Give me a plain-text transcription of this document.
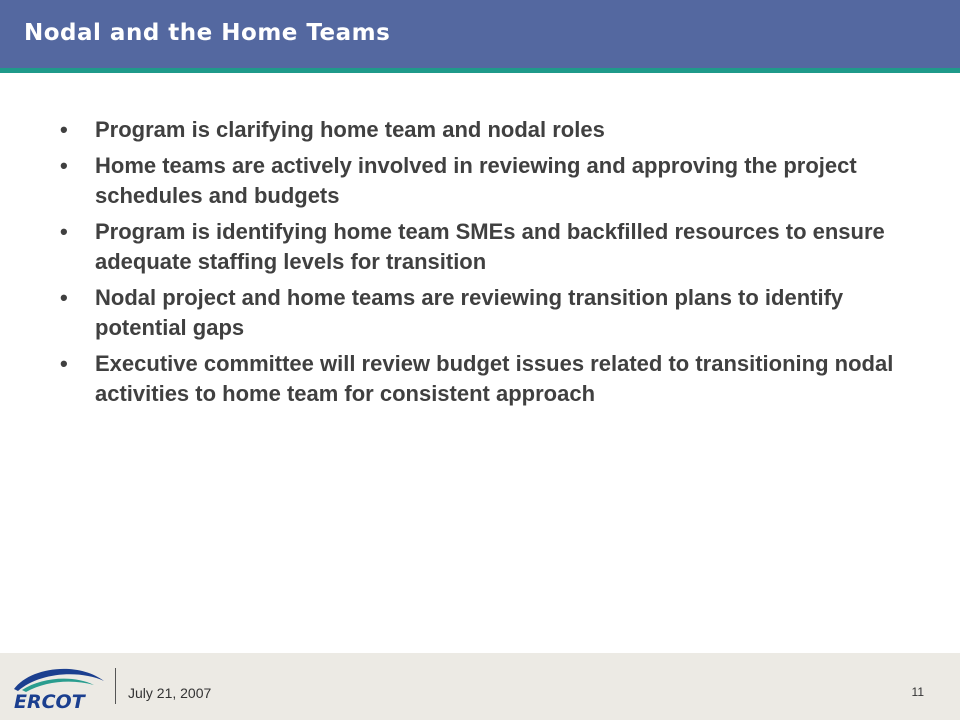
Nodal and the Home Teams
• Program is clarifying home team and nodal roles
• Home teams are actively involved in reviewing and approving the project schedules and budgets
• Program is identifying home team SMEs and backfilled resources to ensure adequate staffing levels for transition
• Nodal project and home teams are reviewing transition plans to identify potential gaps
• Executive committee will review budget issues related to transitioning nodal activities to home team for consistent approach
ERCOT	July 21, 2007	11
